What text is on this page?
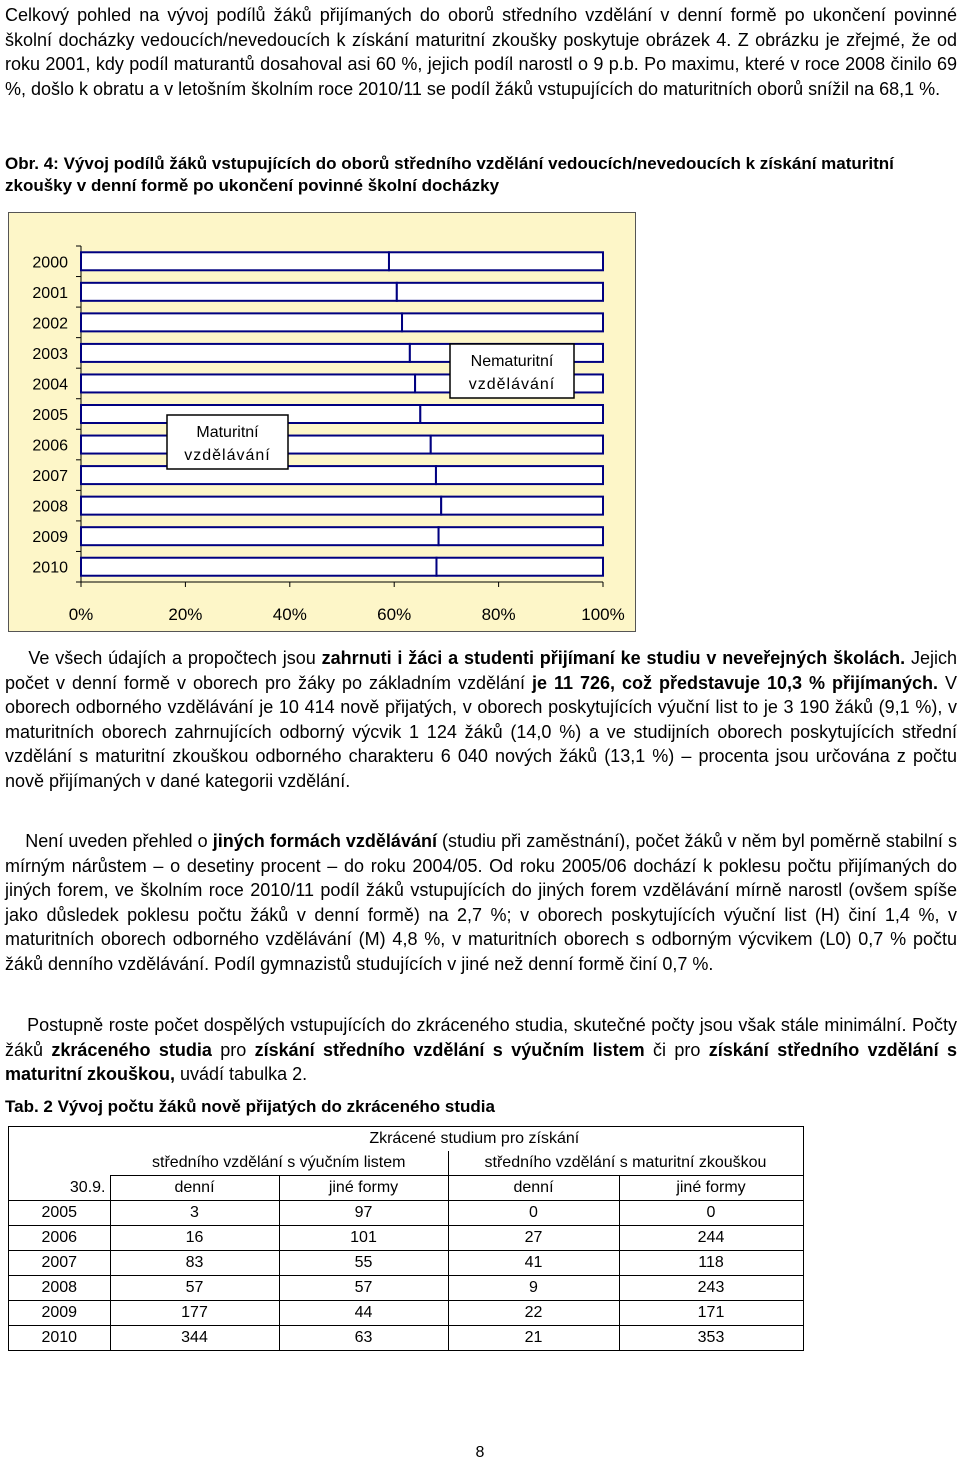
Celkový pohled na vývoj podílů žáků přijímaných do oborů středního vzdělání v denní formě po ukončení povinné školní docházky vedoucích/nevedoucích k získání maturitní zkoušky poskytuje obrázek 4. Z obrázku je zřejmé, že od roku 2001, kdy podíl maturantů dosahoval asi 60 %, jejich podíl narostl o 9 p.b. Po maximu, které v roce 2008 činilo 69 %, došlo k obratu a v letošním školním roce 2010/11 se podíl žáků vstupujících do maturitních oborů snížil na 68,1 %.
Obr. 4: Vývoj podílů žáků vstupujících do oborů středního vzdělání vedoucích/nevedoucích k získání maturitní zkoušky v denní formě po ukončení povinné školní docházky
0%	20%	40%	60%	80%	100%
2000
2001
2002
2003
2004
2005
2006
2007
2008
2009
2010
Maturitní
vzdělávání
Nematuritní
vzdělávání
Ve všech údajích a propočtech jsou zahrnuti i žáci a studenti přijímaní ke studiu v neveřejných školách. Jejich počet v denní formě v oborech pro žáky po základním vzdělání je 11 726, což představuje 10,3 % přijímaných. V oborech odborného vzdělávání je 10 414 nově přijatých, v oborech poskytujících výuční list to je 3 190 žáků (9,1 %), v maturitních oborech zahrnujících odborný výcvik 1 124 žáků (14,0 %) a ve studijních oborech poskytujících střední vzdělání s maturitní zkouškou odborného charakteru 6 040 nových žáků (13,1 %) – procenta jsou určována z počtu nově přijímaných v dané kategorii vzdělání.
Není uveden přehled o jiných formách vzdělávání (studiu při zaměstnání), počet žáků v něm byl poměrně stabilní s mírným nárůstem – o desetiny procent – do roku 2004/05. Od roku 2005/06 dochází k poklesu počtu přijímaných do jiných forem, ve školním roce 2010/11 podíl žáků vstupujících do jiných forem vzdělávání mírně narostl (ovšem spíše jako důsledek poklesu počtu žáků v denní formě) na 2,7 %; v oborech poskytujících výuční list (H) činí 1,4 %, v maturitních oborech odborného vzdělávání (M) 4,8 %, v maturitních oborech s odborným výcvikem (L0) 0,7 % počtu žáků denního vzdělávání. Podíl gymnazistů studujících v jiné než denní formě činí 0,7 %.
Postupně roste počet dospělých vstupujících do zkráceného studia, skutečné počty jsou však stále minimální. Počty žáků zkráceného studia pro získání středního vzdělání s výučním listem či pro získání středního vzdělání s maturitní zkouškou, uvádí tabulka 2.
Tab. 2 Vývoj počtu žáků nově přijatých do zkráceného studia
	Zkrácené studium pro získání			
	středního vzdělání s výučním listem		středního vzdělání s maturitní zkouškou	
30.9.	denní	jiné formy	denní	jiné formy
2005	3	97	0	0
2006	16	101	27	244
2007	83	55	41	118
2008	57	57	9	243
2009	177	44	22	171
2010	344	63	21	353
8
